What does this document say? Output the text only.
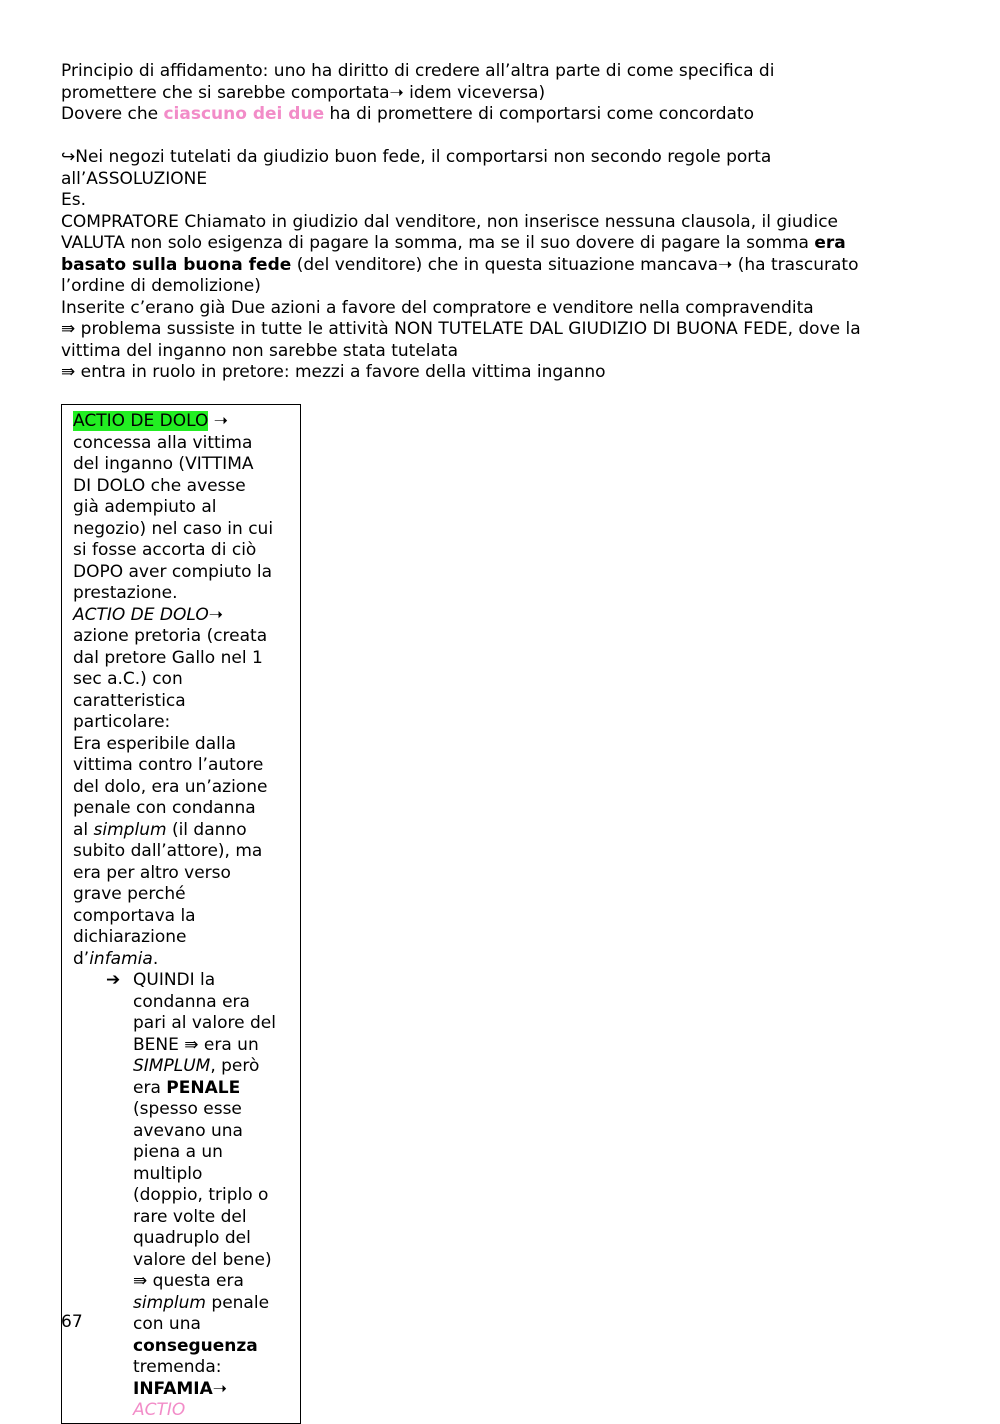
Principio di affidamento: uno ha diritto di credere all’altra parte di come specifica di
promettere che si sarebbe comportata➝ idem viceversa)
Dovere che ciascuno dei due ha di promettere di comportarsi come concordato
↪Nei negozi tutelati da giudizio buon fede, il comportarsi non secondo regole porta
all’ASSOLUZIONE
Es.
COMPRATORE Chiamato in giudizio dal venditore, non inserisce nessuna clausola, il giudice
VALUTA non solo esigenza di pagare la somma, ma se il suo dovere di pagare la somma era
basato sulla buona fede (del venditore) che in questa situazione mancava➝ (ha trascurato
l’ordine di demolizione)
Inserite c’erano già Due azioni a favore del compratore e venditore nella compravendita
⇛ problema sussiste in tutte le attività NON TUTELATE DAL GIUDIZIO DI BUONA FEDE, dove la
vittima del inganno non sarebbe stata tutelata
⇛ entra in ruolo in pretore: mezzi a favore della vittima inganno
ACTIO DE DOLO ➝
concessa alla vittima
del inganno (VITTIMA
DI DOLO che avesse
già adempiuto al
negozio) nel caso in cui
si fosse accorta di ciò
DOPO aver compiuto la
prestazione.
ACTIO DE DOLO➝
azione pretoria (creata
dal pretore Gallo nel 1
sec a.C.) con
caratteristica
particolare:
Era esperibile dalla
vittima contro l’autore
del dolo, era un’azione
penale con condanna
al simplum (il danno
subito dall’attore), ma
era per altro verso
grave perché
comportava la
dichiarazione
d’infamia.
➔ QUINDI la
condanna era
pari al valore del
BENE ⇛ era un
SIMPLUM, però
era PENALE
(spesso esse
avevano una
piena a un
multiplo
(doppio, triplo o
rare volte del
quadruplo del
valore del bene)
⇛ questa era
simplum penale
con una
conseguenza
tremenda:
INFAMIA➝
ACTIO
67
